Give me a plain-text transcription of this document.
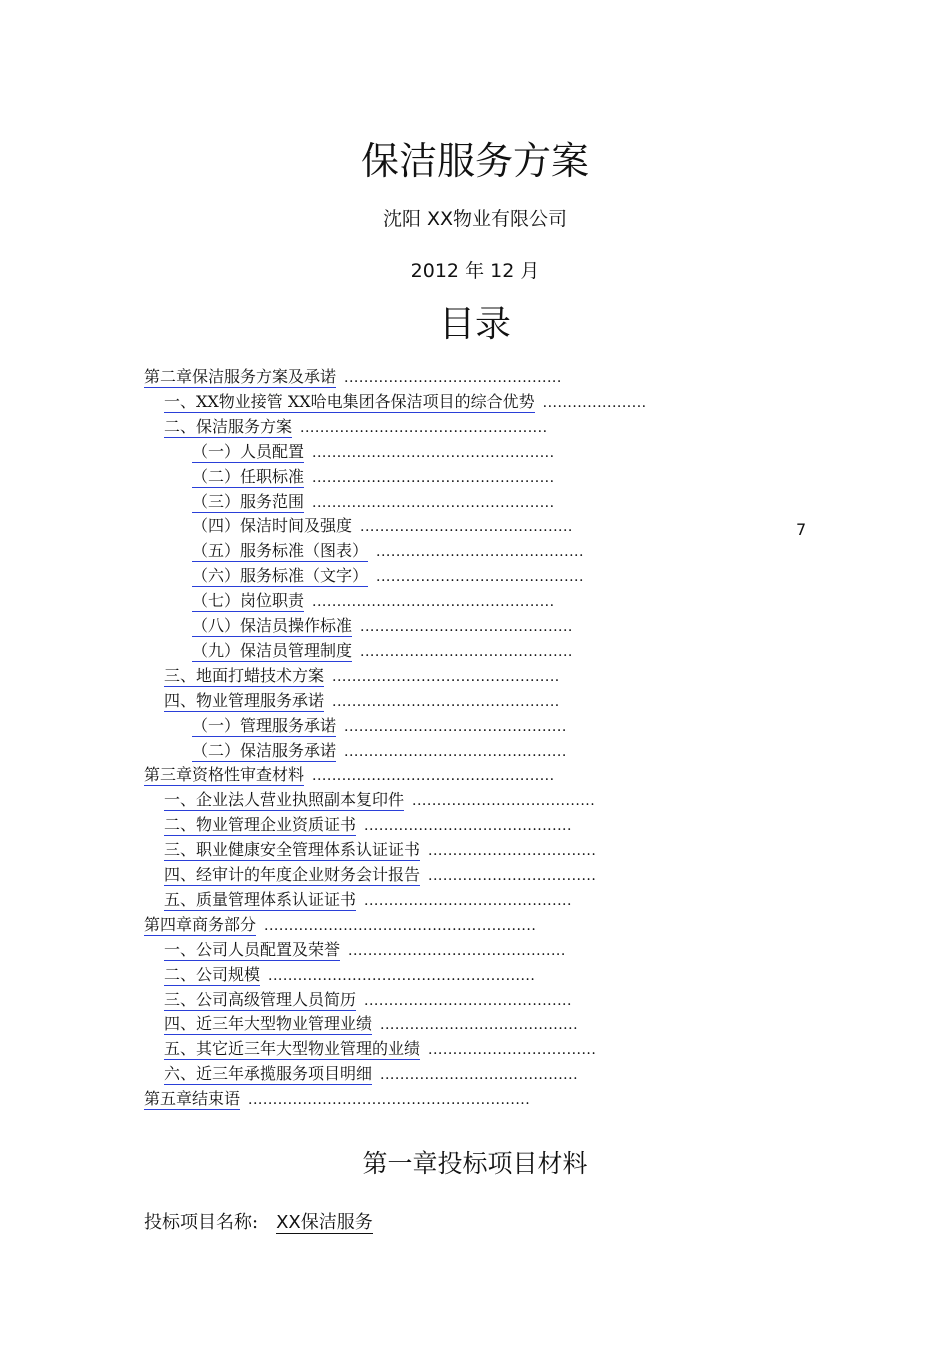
保洁服务方案
沈阳 XX物业有限公司
2012 年 12 月
目录
第二章保洁服务方案及承诺 ............................................
一、XX物业接管 XX哈电集团各保洁项目的综合优势 .....................
二、保洁服务方案 ..................................................
（一）人员配置 .................................................
（二）任职标准 .................................................
（三）服务范围 .................................................
（四）保洁时间及强度 ...........................................
（五）服务标准（图表） ..........................................
（六）服务标准（文字） ..........................................
（七）岗位职责 .................................................
（八）保洁员操作标准 ...........................................
（九）保洁员管理制度 ...........................................
三、地面打蜡技术方案 ..............................................
四、物业管理服务承诺 ..............................................
（一）管理服务承诺 .............................................
（二）保洁服务承诺 .............................................
第三章资格性审查材料 .................................................
一、企业法人营业执照副本复印件 .....................................
二、物业管理企业资质证书 ..........................................
三、职业健康安全管理体系认证证书 ..................................
四、经审计的年度企业财务会计报告 ..................................
五、质量管理体系认证证书 ..........................................
第四章商务部分 .......................................................
一、公司人员配置及荣誉 ............................................
二、公司规模 ......................................................
三、公司高级管理人员简历 ..........................................
四、近三年大型物业管理业绩 ........................................
五、其它近三年大型物业管理的业绩 ..................................
六、近三年承揽服务项目明细 ........................................
第五章结束语 .........................................................
7
第一章投标项目材料
投标项目名称: XX保洁服务
